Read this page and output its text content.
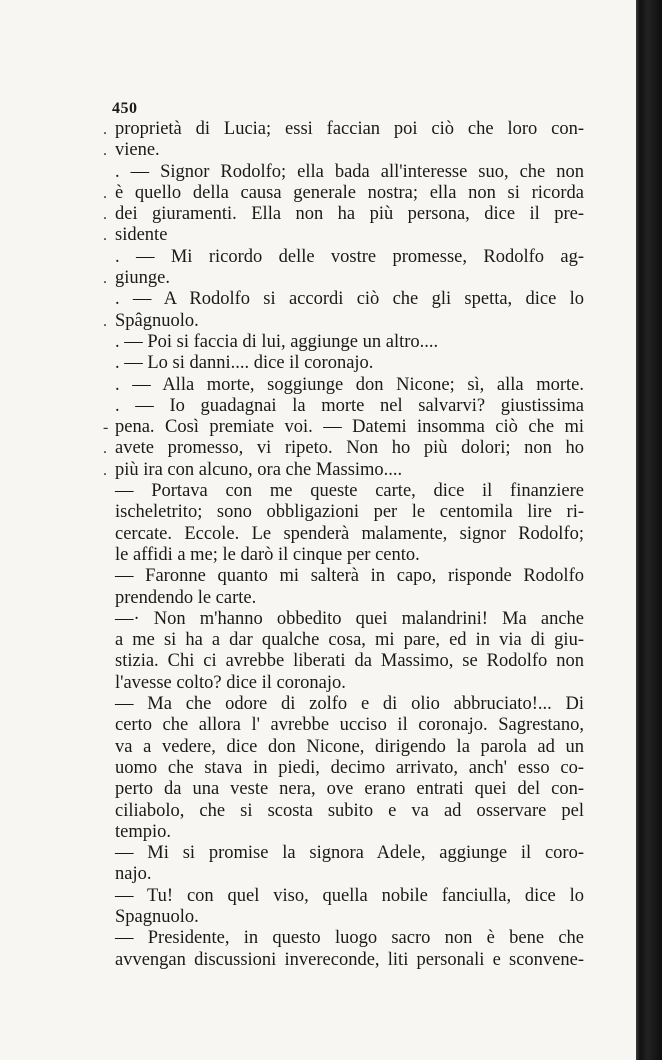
450
. proprietà di Lucia; essi faccian poi ciò che loro con-
. viene.
. — Signor Rodolfo; ella bada all'interesse suo, che non
. è quello della causa generale nostra; ella non si ricorda
. dei giuramenti. Ella non ha più persona, dice il pre-
. sidente
. — Mi ricordo delle vostre promesse, Rodolfo ag-
. giunge.
. — A Rodolfo si accordi ciò che gli spetta, dice lo
. Spâgnuolo.
. — Poi si faccia di lui, aggiunge un altro....
. — Lo si danni.... dice il coronajo.
. — Alla morte, soggiunge don Nicone; sì, alla morte.
. — Io guadagnai la morte nel salvarvi? giustissima
- pena. Così premiate voi. — Datemi insomma ciò che mi
. avete promesso, vi ripeto. Non ho più dolori; non ho
. più ira con alcuno, ora che Massimo....
— Portava con me queste carte, dice il finanziere
ischeletrito; sono obbligazioni per le centomila lire ri-
cercate. Eccole. Le spenderà malamente, signor Rodolfo;
le affidi a me; le darò il cinque per cento.
— Faronne quanto mi salterà in capo, risponde Rodolfo
prendendo le carte.
—· Non m'hanno obbedito quei malandrini! Ma anche
a me si ha a dar qualche cosa, mi pare, ed in via di giu-
stizia. Chi ci avrebbe liberati da Massimo, se Rodolfo non
l'avesse colto? dice il coronajo.
— Ma che odore di zolfo e di olio abbruciato!... Di
certo che allora l' avrebbe ucciso il coronajo. Sagrestano,
va a vedere, dice don Nicone, dirigendo la parola ad un
uomo che stava in piedi, decimo arrivato, anch' esso co-
perto da una veste nera, ove erano entrati quei del con-
ciliabolo, che si scosta subito e va ad osservare pel
tempio.
— Mi si promise la signora Adele, aggiunge il coro-
najo.
— Tu! con quel viso, quella nobile fanciulla, dice lo
Spagnuolo.
— Presidente, in questo luogo sacro non è bene che
avvengan discussioni invereconde, liti personali e sconvene-
